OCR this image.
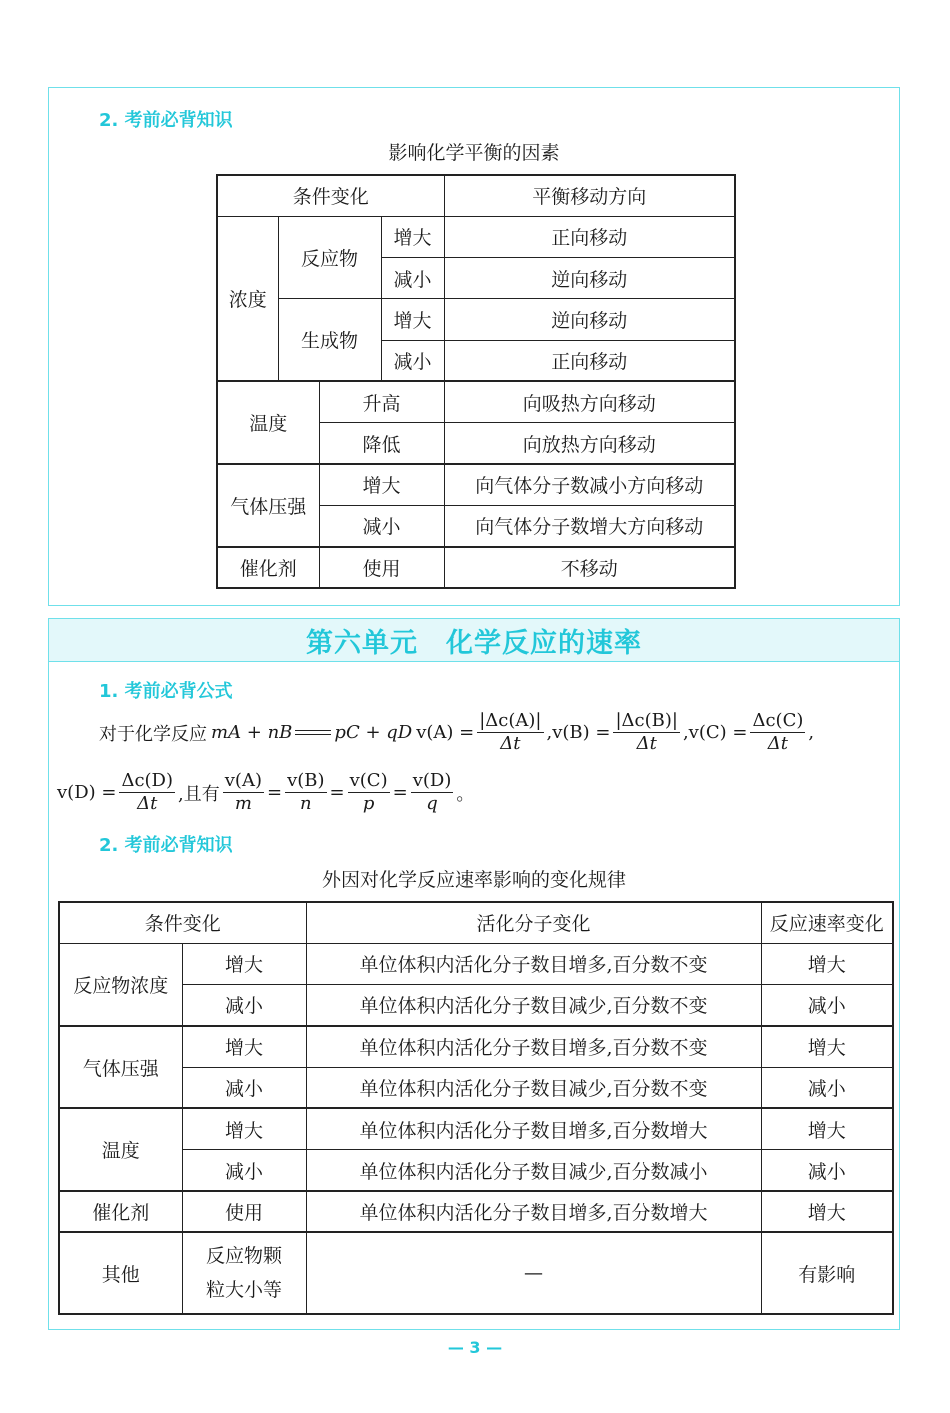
2. 考前必背知识
影响化学平衡的因素
条件变化				平衡移动方向
浓度	反应物		增大	正向移动
			减小	逆向移动
	生成物		增大	逆向移动
			减小	正向移动
温度		升高		向吸热方向移动
		降低		向放热方向移动
气体压强		增大		向气体分子数减小方向移动
		减小		向气体分子数增大方向移动
催化剂		使用		不移动
第六单元 化学反应的速率
1. 考前必背公式
对于化学反应 mA + nB pC + qD $v(A) = \frac{|\Delta c(A)|}{\Delta t} ,v(B) = \frac{|\Delta c(B)|}{\Delta t} ,v(C) = \frac{\Delta c(C)}{\Delta t}$ ,
$v(D) = \frac{\Delta c(D)}{\Delta t}$ ,且有 $\frac{v(A)}{m} = \frac{v(B)}{n} = \frac{v(C)}{p} = \frac{v(D)}{q}$ 。
2. 考前必背知识
外因对化学反应速率影响的变化规律
条件变化		活化分子变化	反应速率变化
反应物浓度	增大	单位体积内活化分子数目增多,百分数不变	增大
	减小	单位体积内活化分子数目减少,百分数不变	减小
气体压强	增大	单位体积内活化分子数目增多,百分数不变	增大
	减小	单位体积内活化分子数目减少,百分数不变	减小
温度	增大	单位体积内活化分子数目增多,百分数增大	增大
	减小	单位体积内活化分子数目减少,百分数减小	减小
催化剂	使用	单位体积内活化分子数目增多,百分数增大	增大
其他	反应物颗
粒大小等	—	有影响
— 3 —
